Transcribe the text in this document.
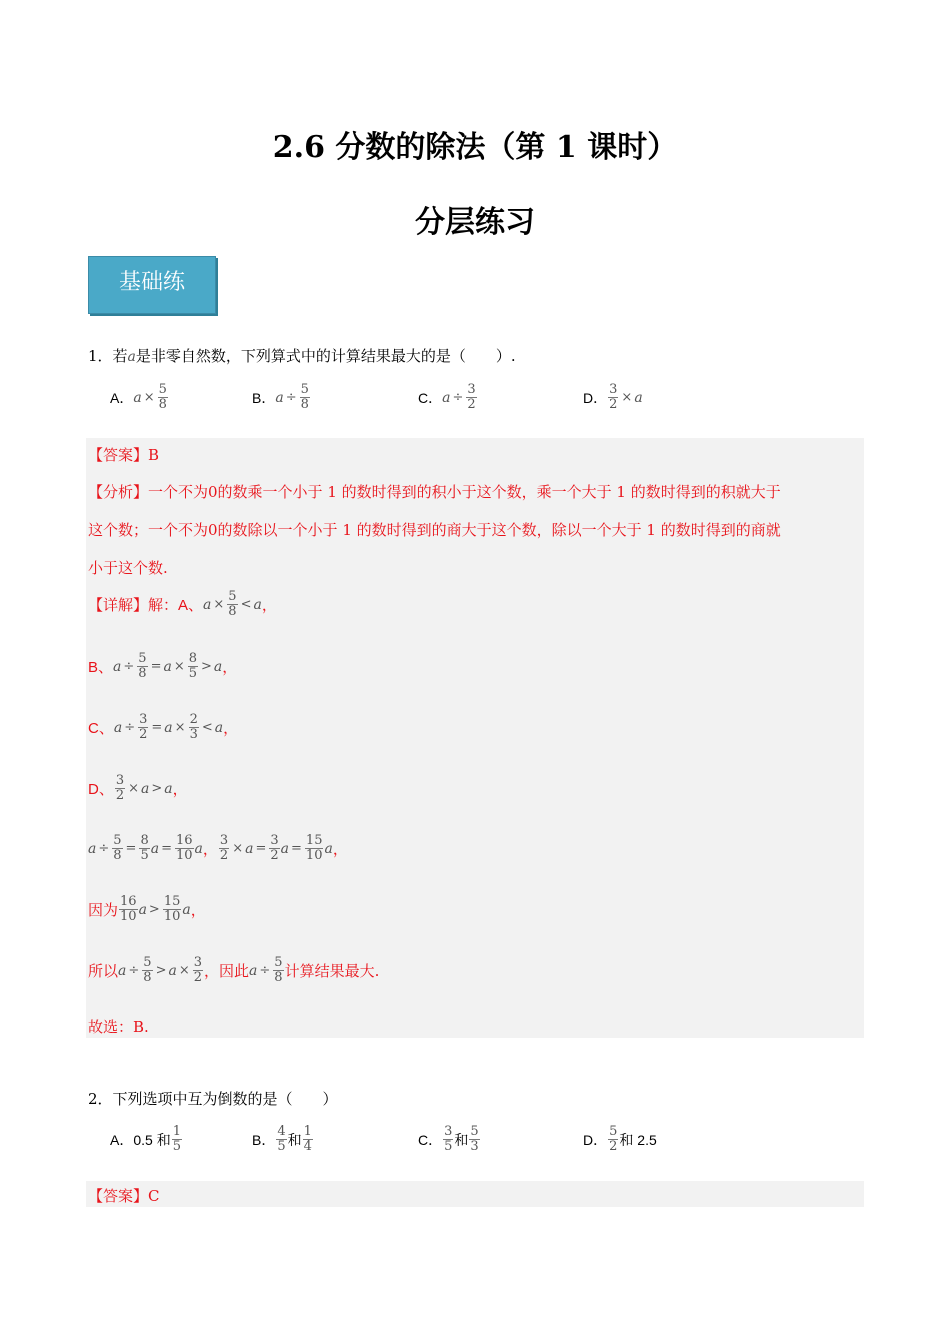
2.6 分数的除法（第 1 课时）
分层练习
基础练
1．若a是非零自然数，下列算式中的计算结果最大的是（　　）.
A． $a \times \frac{5}{8}$	B． $a \div \frac{5}{8}$	C． $a \div \frac{3}{2}$	D． $\frac{3}{2} \times a$
【答案】B
【分析】 一个不为0的数乘一个小于 1 的数时得到的积小于这个数，乘一个大于 1 的数时得到的积就大于
这个数；一个不为0的数除以一个小于 1 的数时得到的商大于这个数，除以一个大于 1 的数时得到的商就
小于这个数.
【详解】 解：A、 $a \times \frac{5}{8} < a$ ，
B、 $a \div \frac{5}{8} = a \times \frac{8}{5} > a$ ，
C、 $a \div \frac{3}{2} = a \times \frac{2}{3} < a$ ，
D、 $\frac{3}{2} \times a > a$ ，
$a \div \frac{5}{8} = \frac{8}{5}$ $a = \frac{16}{10}$ a ， $\frac{3}{2} \times a = \frac{3}{2}$ $a = \frac{15}{10}$ a ，
因为 $\frac{16}{10}$ $a > \frac{15}{10}$ a ，
所以 $a \div \frac{5}{8} > a \times \frac{3}{2}$ ，因此 $a \div \frac{5}{8}$ 计算结果最大.
故选：B.
2．下列选项中互为倒数的是（　　）
A．0.5 和 $\frac{1}{5}$	B． $\frac{4}{5}$ 和 $\frac{1}{4}$	C． $\frac{3}{5}$ 和 $\frac{5}{3}$	D． $\frac{5}{2}$ 和 2.5
【答案】C
